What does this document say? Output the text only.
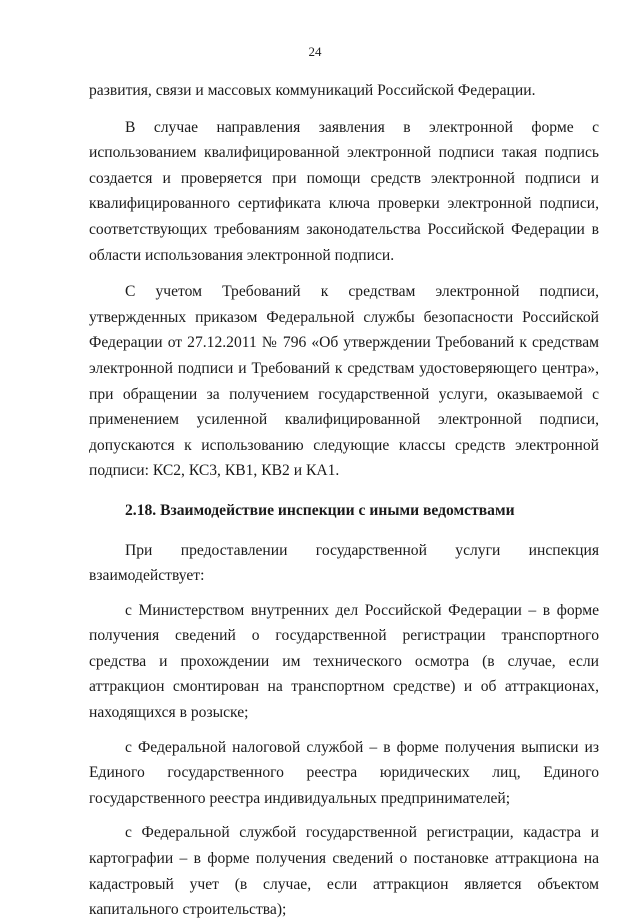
24

развития, связи и массовых коммуникаций Российской Федерации.

В случае направления заявления в электронной форме с использованием квалифицированной электронной подписи такая подпись создается и проверяется при помощи средств электронной подписи и квалифицированного сертификата ключа проверки электронной подписи, соответствующих требованиям законодательства Российской Федерации в области использования электронной подписи.

С учетом Требований к средствам электронной подписи, утвержденных приказом Федеральной службы безопасности Российской Федерации от 27.12.2011 № 796 «Об утверждении Требований к средствам электронной подписи и Требований к средствам удостоверяющего центра», при обращении за получением государственной услуги, оказываемой с применением усиленной квалифицированной электронной подписи, допускаются к использованию следующие классы средств электронной подписи: КС2, КС3, КВ1, КВ2 и КА1.

2.18. Взаимодействие инспекции с иными ведомствами

При предоставлении государственной услуги инспекция взаимодействует:

с Министерством внутренних дел Российской Федерации – в форме получения сведений о государственной регистрации транспортного средства и прохождении им технического осмотра (в случае, если аттракцион смонтирован на транспортном средстве) и об аттракционах, находящихся в розыске;

с Федеральной налоговой службой – в форме получения выписки из Единого государственного реестра юридических лиц, Единого государственного реестра индивидуальных предпринимателей;

с Федеральной службой государственной регистрации, кадастра и картографии – в форме получения сведений о постановке аттракциона на кадастровый учет (в случае, если аттракцион является объектом капитального строительства);
